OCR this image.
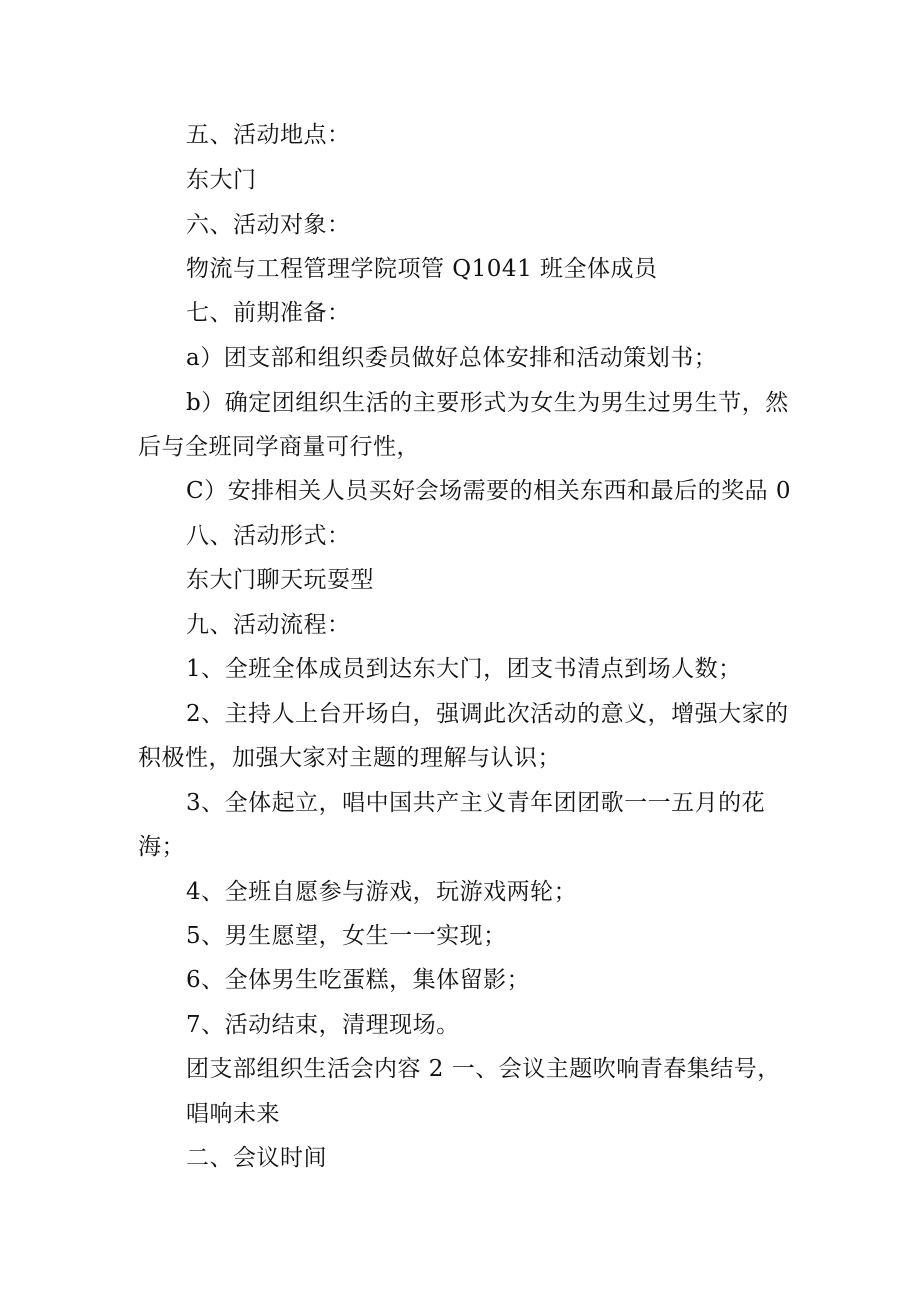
五、活动地点：
东大门
六、活动对象：
物流与工程管理学院项管 Q1041 班全体成员
七、前期准备：
a）团支部和组织委员做好总体安排和活动策划书；
b）确定团组织生活的主要形式为女生为男生过男生节，然
后与全班同学商量可行性，
C）安排相关人员买好会场需要的相关东西和最后的奖品 0
八、活动形式：
东大门聊天玩耍型
九、活动流程：
1、全班全体成员到达东大门，团支书清点到场人数；
2、主持人上台开场白，强调此次活动的意义，增强大家的
积极性，加强大家对主题的理解与认识；
3、全体起立，唱中国共产主义青年团团歌一一五月的花
海；
4、全班自愿参与游戏，玩游戏两轮；
5、男生愿望，女生一一实现；
6、全体男生吃蛋糕，集体留影；
7、活动结束，清理现场。
团支部组织生活会内容 2 一、会议主题吹响青春集结号，
唱响未来
二、会议时间
